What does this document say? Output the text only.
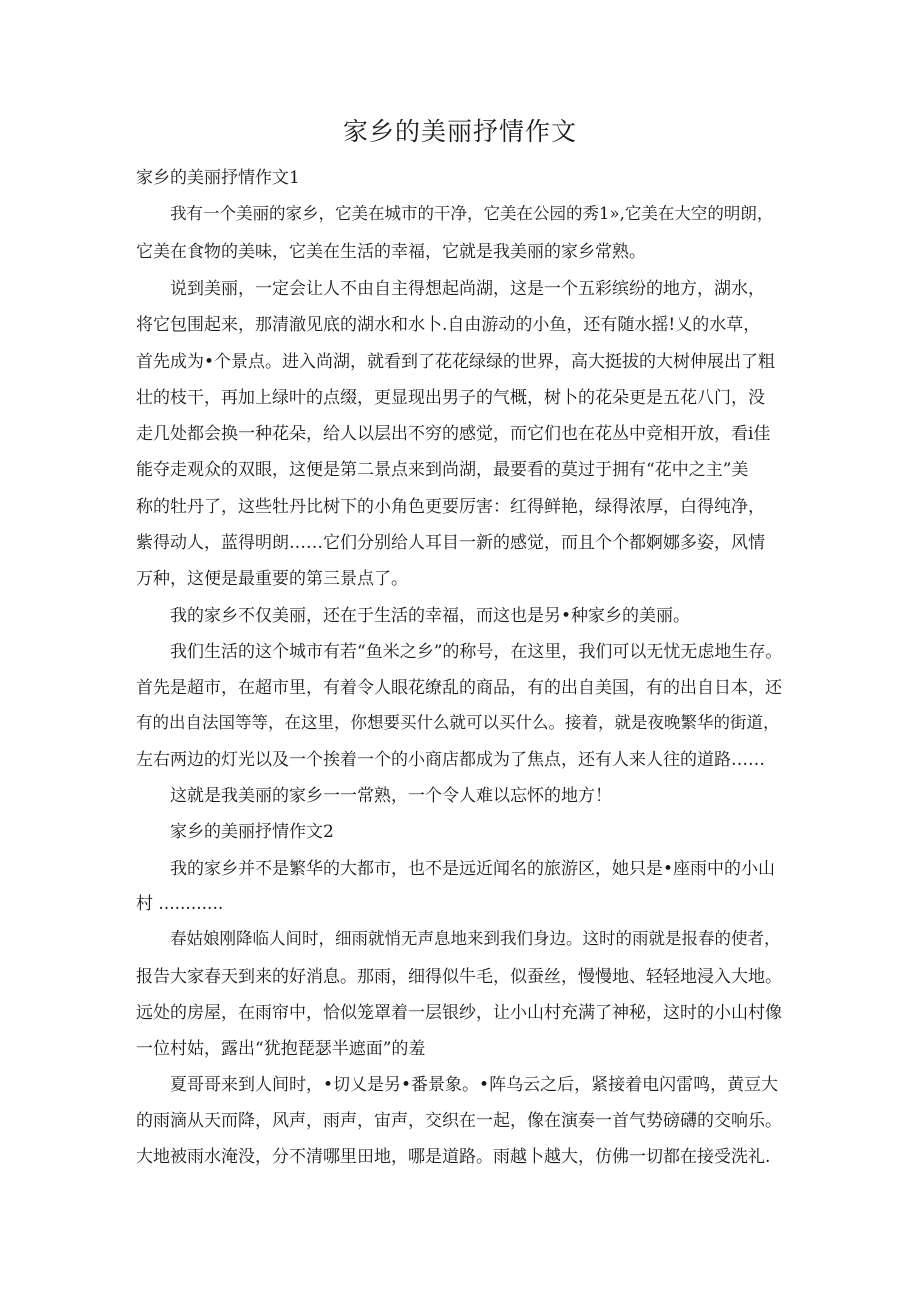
家乡的美丽抒情作文

家乡的美丽抒情作文1

我有一个美丽的家乡，它美在城市的干净，它美在公园的秀1»,它美在大空的明朗，

它美在食物的美味，它美在生活的幸福，它就是我美丽的家乡常熟。

说到美丽，一定会让人不由自主得想起尚湖，这是一个五彩缤纷的地方，湖水，

将它包围起来，那清澈见底的湖水和水卜.自由游动的小鱼，还有随水摇!乂的水草，

首先成为•个景点。进入尚湖，就看到了花花绿绿的世界，高大挺拔的大树伸展出了粗

壮的枝干，再加上绿叶的点缀，更显现出男子的气概，树卜的花朵更是五花八门，没

走几处都会换一种花朵，给人以层出不穷的感觉，而它们也在花丛中竞相开放，看i佳

能夺走观众的双眼，这便是第二景点来到尚湖，最要看的莫过于拥有“花中之主”美

称的牡丹了，这些牡丹比树下的小角色更要厉害：红得鲜艳，绿得浓厚，白得纯净，

紫得动人，蓝得明朗……它们分别给人耳目一新的感觉，而且个个都婀娜多姿，风情

万种，这便是最重要的第三景点了。

我的家乡不仅美丽，还在于生活的幸福，而这也是另•种家乡的美丽。

我们生活的这个城市有若“鱼米之乡”的称号，在这里，我们可以无忧无虑地生存。

首先是超市，在超市里，有着令人眼花缭乱的商品，有的出自美国，有的出自日本，还

有的出自法国等等，在这里，你想要买什么就可以买什么。接着，就是夜晚繁华的街道，

左右两边的灯光以及一个挨着一个的小商店都成为了焦点，还有人来人往的道路……

这就是我美丽的家乡一一常熟，一个令人难以忘怀的地方！

家乡的美丽抒情作文2

我的家乡并不是繁华的大都市，也不是远近闻名的旅游区，她只是•座雨中的小山

村 ............

春姑娘刚降临人间时，细雨就悄无声息地来到我们身边。这时的雨就是报春的使者，

报告大家春天到来的好消息。那雨，细得似牛毛，似蚕丝，慢慢地、轻轻地浸入大地。

远处的房屋，在雨帘中，恰似笼罩着一层银纱，让小山村充满了神秘，这时的小山村像

一位村姑，露出“犹抱琵瑟半遮面”的羞

夏哥哥来到人间时，•切乂是另•番景象。•阵乌云之后，紧接着电闪雷鸣，黄豆大

的雨滴从天而降，风声，雨声，宙声，交织在一起，像在演奏一首气势磅礴的交响乐。

大地被雨水淹没，分不清哪里田地，哪是道路。雨越卜越大，仿佛一切都在接受洗礼.
